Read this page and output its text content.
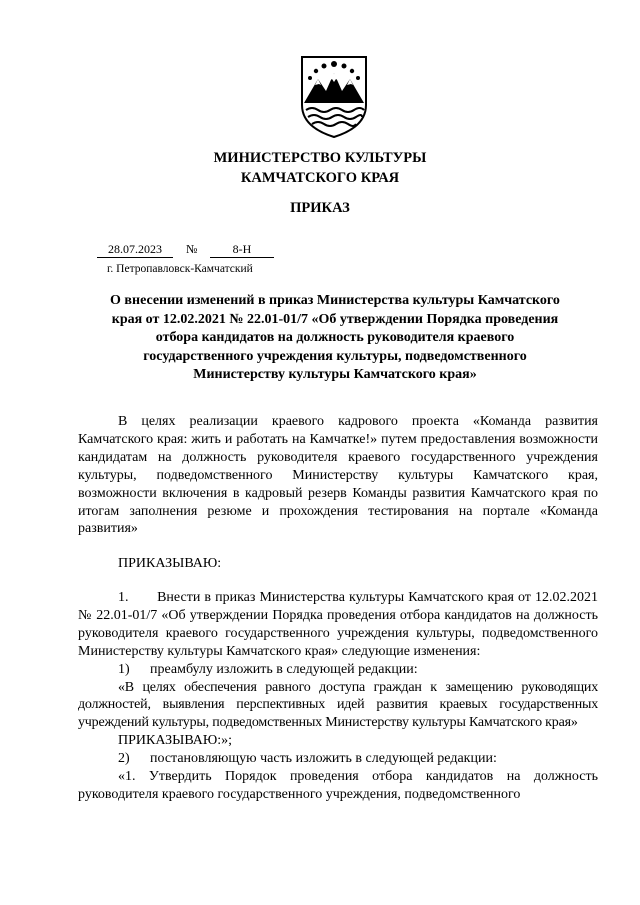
МИНИСТЕРСТВО КУЛЬТУРЫ
КАМЧАТСКОГО КРАЯ
ПРИКАЗ
28.07.2023	№	8-Н
г. Петропавловск-Камчатский
О внесении изменений в приказ Министерства культуры Камчатского
края от 12.02.2021 № 22.01-01/7 «Об утверждении Порядка проведения
отбора кандидатов на должность руководителя краевого
государственного учреждения культуры, подведомственного
Министерству культуры Камчатского края»
В целях реализации краевого кадрового проекта «Команда развития Камчатского края: жить и работать на Камчатке!» путем предоставления возможности кандидатам на должность руководителя краевого государственного учреждения культуры, подведомственного Министерству культуры Камчатского края, возможности включения в кадровый резерв Команды развития Камчатского края по итогам заполнения резюме и прохождения тестирования на портале «Команда развития»
ПРИКАЗЫВАЮ:
1. Внести в приказ Министерства культуры Камчатского края от 12.02.2021 № 22.01-01/7 «Об утверждении Порядка проведения отбора кандидатов на должность руководителя краевого государственного учреждения культуры, подведомственного Министерству культуры Камчатского края» следующие изменения:
1) преамбулу изложить в следующей редакции:
«В целях обеспечения равного доступа граждан к замещению руководящих должностей, выявления перспективных идей развития краевых государственных учреждений культуры, подведомственных Министерству культуры Камчатского края»
ПРИКАЗЫВАЮ:»;
2) постановляющую часть изложить в следующей редакции:
«1. Утвердить Порядок проведения отбора кандидатов на должность руководителя краевого государственного учреждения, подведомственного
